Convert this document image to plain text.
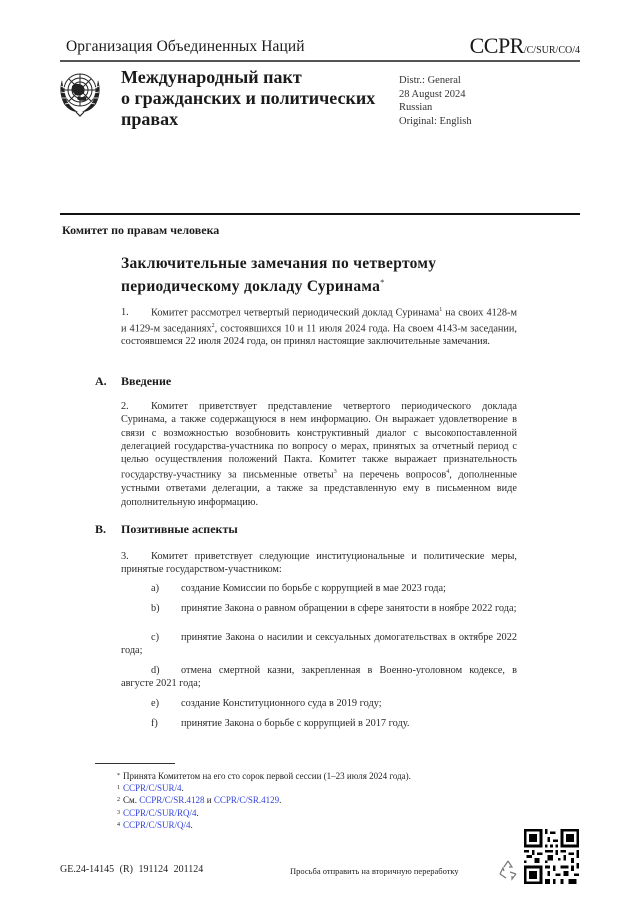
Организация Объединенных Наций	CCPR/C/SUR/CO/4
Международный пакт
о гражданских и политических
правах
Distr.: General
28 August 2024
Russian
Original: English
Комитет по правам человека
Заключительные замечания по четвертому
периодическому докладу Суринама*
1. Комитет рассмотрел четвертый периодический доклад Суринама$^1$ на своих 4128-м и 4129-м заседаниях$^2$, состоявшихся 10 и 11 июля 2024 года. На своем 4143-м заседании, состоявшемся 22 июля 2024 года, он принял настоящие заключительные замечания.
A. Введение
2. Комитет приветствует представление четвертого периодического доклада Суринама, а также содержащуюся в нем информацию. Он выражает удовлетворение в связи с возможностью возобновить конструктивный диалог с высокопоставленной делегацией государства-участника по вопросу о мерах, принятых за отчетный период с целью осуществления положений Пакта. Комитет также выражает признательность государству-участнику за письменные ответы$^3$ на перечень вопросов$^4$, дополненные устными ответами делегации, а также за представленную ему в письменном виде дополнительную информацию.
B. Позитивные аспекты
3. Комитет приветствует следующие институциональные и политические меры, принятые государством-участником:
a) создание Комиссии по борьбе с коррупцией в мае 2023 года;
b) принятие Закона о равном обращении в сфере занятости в ноябре 2022 года;
c) принятие Закона о насилии и сексуальных домогательствах в октябре 2022 года;
d) отмена смертной казни, закрепленная в Военно-уголовном кодексе, в августе 2021 года;
e) создание Конституционного суда в 2019 году;
f) принятие Закона о борьбе с коррупцией в 2017 году.
* Принята Комитетом на его сто сорок первой сессии (1–23 июля 2024 года).
1 CCPR/C/SUR/4.
2 См. CCPR/C/SR.4128 и CCPR/C/SR.4129.
3 CCPR/C/SUR/RQ/4.
4 CCPR/C/SUR/Q/4.
GE.24-14145 (R) 191124 201124	Просьба отправить на вторичную переработку
